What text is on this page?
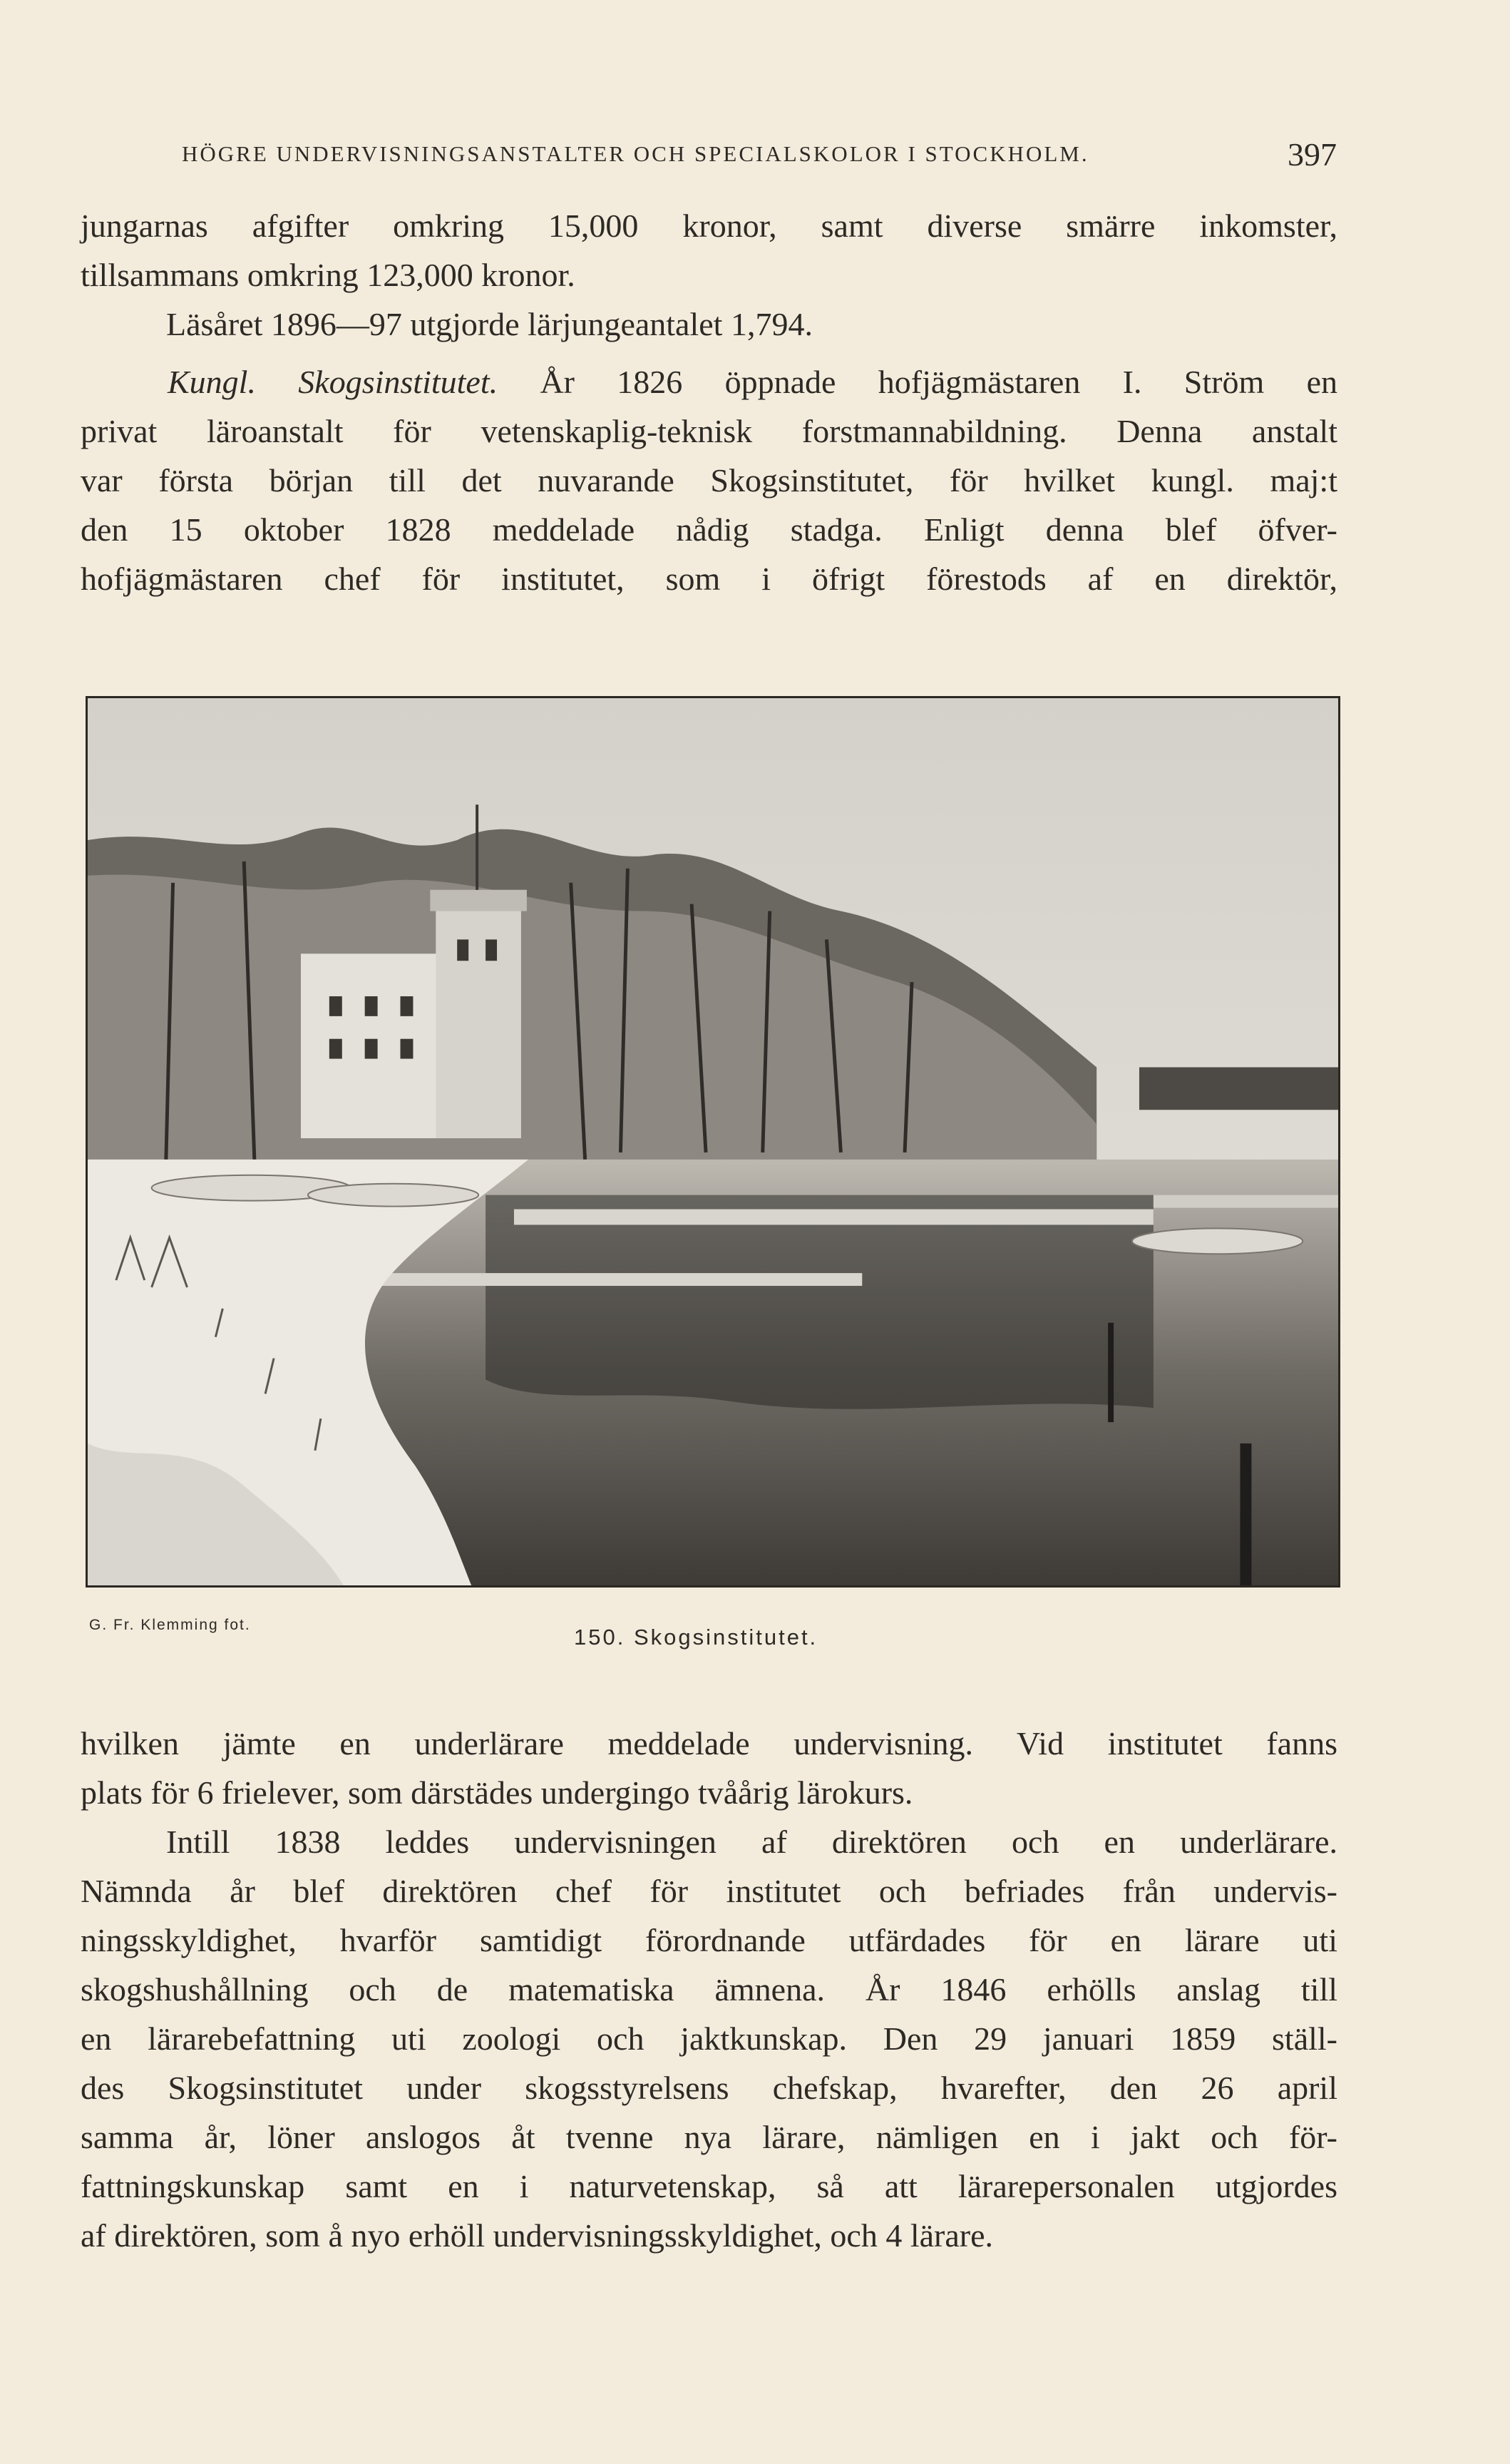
HÖGRE UNDERVISNINGSANSTALTER OCH SPECIALSKOLOR I STOCKHOLM.	397
jungarnas afgifter omkring 15,000 kronor, samt diverse smärre inkomster,
tillsammans omkring 123,000 kronor.
Läsåret 1896—97 utgjorde lärjungeantalet 1,794.
Kungl. Skogsinstitutet. År 1826 öppnade hofjägmästaren I. Ström en
privat läroanstalt för vetenskaplig-teknisk forstmannabildning. Denna anstalt
var första början till det nuvarande Skogsinstitutet, för hvilket kungl. maj:t
den 15 oktober 1828 meddelade nådig stadga. Enligt denna blef öfver-
hofjägmästaren chef för institutet, som i öfrigt förestods af en direktör,
G. Fr. Klemming fot.	150. Skogsinstitutet.
hvilken jämte en underlärare meddelade undervisning. Vid institutet fanns
plats för 6 frielever, som därstädes undergingo tvåårig lärokurs.
Intill 1838 leddes undervisningen af direktören och en underlärare.
Nämnda år blef direktören chef för institutet och befriades från undervis-
ningsskyldighet, hvarför samtidigt förordnande utfärdades för en lärare uti
skogshushållning och de matematiska ämnena. År 1846 erhölls anslag till
en lärarebefattning uti zoologi och jaktkunskap. Den 29 januari 1859 ställ-
des Skogsinstitutet under skogsstyrelsens chefskap, hvarefter, den 26 april
samma år, löner anslogos åt tvenne nya lärare, nämligen en i jakt och för-
fattningskunskap samt en i naturvetenskap, så att lärarepersonalen utgjordes
af direktören, som å nyo erhöll undervisningsskyldighet, och 4 lärare.
